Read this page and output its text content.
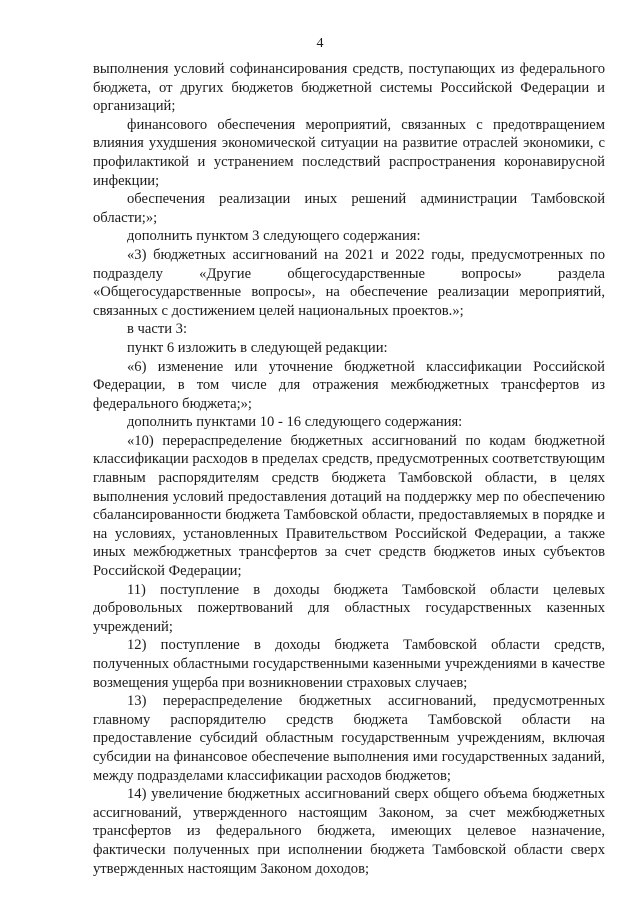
4

выполнения условий софинансирования средств, поступающих из федерального бюджета, от других бюджетов бюджетной системы Российской Федерации и организаций;

финансового обеспечения мероприятий, связанных с предотвращением влияния ухудшения экономической ситуации на развитие отраслей экономики, с профилактикой и устранением последствий распространения коронавирусной инфекции;

обеспечения реализации иных решений администрации Тамбовской области;»;

дополнить пунктом 3 следующего содержания:

«3) бюджетных ассигнований на 2021 и 2022 годы, предусмотренных по подразделу «Другие общегосударственные вопросы» раздела «Общегосударственные вопросы», на обеспечение реализации мероприятий, связанных с достижением целей национальных проектов.»;

в части 3:

пункт 6 изложить в следующей редакции:

«6) изменение или уточнение бюджетной классификации Российской Федерации, в том числе для отражения межбюджетных трансфертов из федерального бюджета;»;

дополнить пунктами 10 - 16 следующего содержания:

«10) перераспределение бюджетных ассигнований по кодам бюджетной классификации расходов в пределах средств, предусмотренных соответствующим главным распорядителям средств бюджета Тамбовской области, в целях выполнения условий предоставления дотаций на поддержку мер по обеспечению сбалансированности бюджета Тамбовской области, предоставляемых в порядке и на условиях, установленных Правительством Российской Федерации, а также иных межбюджетных трансфертов за счет средств бюджетов иных субъектов Российской Федерации;

11) поступление в доходы бюджета Тамбовской области целевых добровольных пожертвований для областных государственных казенных учреждений;

12) поступление в доходы бюджета Тамбовской области средств, полученных областными государственными казенными учреждениями в качестве возмещения ущерба при возникновении страховых случаев;

13) перераспределение бюджетных ассигнований, предусмотренных главному распорядителю средств бюджета Тамбовской области на предоставление субсидий областным государственным учреждениям, включая субсидии на финансовое обеспечение выполнения ими государственных заданий, между подразделами классификации расходов бюджетов;

14) увеличение бюджетных ассигнований сверх общего объема бюджетных ассигнований, утвержденного настоящим Законом, за счет межбюджетных трансфертов из федерального бюджета, имеющих целевое назначение, фактически полученных при исполнении бюджета Тамбовской области сверх утвержденных настоящим Законом доходов;
